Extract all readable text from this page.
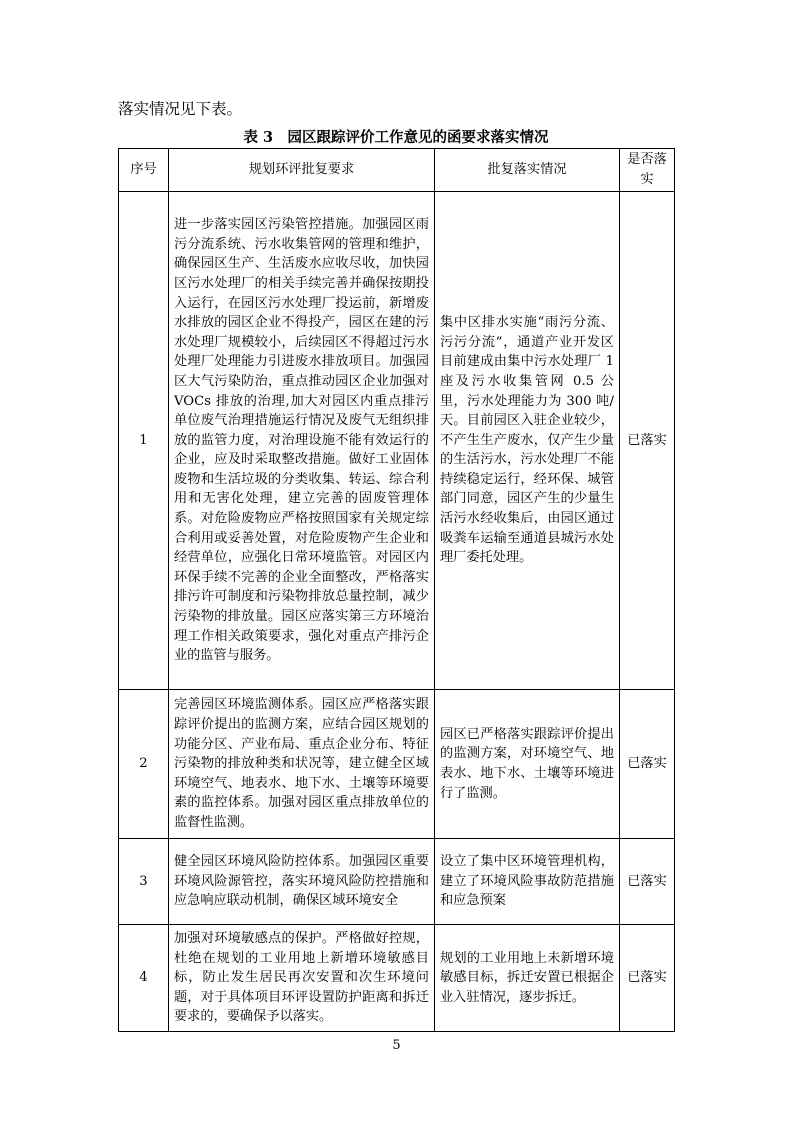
落实情况见下表。
表 3　园区跟踪评价工作意见的函要求落实情况
序号	规划环评批复要求	批复落实情况	是否落实
1	进一步落实园区污染管控措施。加强园区雨污分流系统、污水收集管网的管理和维护，确保园区生产、生活废水应收尽收，加快园区污水处理厂的相关手续完善并确保按期投入运行，在园区污水处理厂投运前，新增废水排放的园区企业不得投产，园区在建的污水处理厂规模较小，后续园区不得超过污水处理厂处理能力引进废水排放项目。加强园区大气污染防治，重点推动园区企业加强对 VOCs 排放的治理,加大对园区内重点排污单位废气治理措施运行情况及废气无组织排放的监管力度，对治理设施不能有效运行的企业，应及时采取整改措施。做好工业固体废物和生活垃圾的分类收集、转运、综合利用和无害化处理，建立完善的固废管理体系。对危险废物应严格按照国家有关规定综合利用或妥善处置，对危险废物产生企业和经营单位，应强化日常环境监管。对园区内环保手续不完善的企业全面整改，严格落实排污许可制度和污染物排放总量控制，减少污染物的排放量。园区应落实第三方环境治理工作相关政策要求，强化对重点产排污企业的监管与服务。	集中区排水实施“雨污分流、污污分流”，通道产业开发区目前建成由集中污水处理厂 1 座及污水收集管网 0.5 公里，污水处理能力为 300 吨/天。目前园区入驻企业较少，不产生生产废水，仅产生少量的生活污水，污水处理厂不能持续稳定运行，经环保、城管部门同意，园区产生的少量生活污水经收集后，由园区通过吸粪车运输至通道县城污水处理厂委托处理。	已落实
2	完善园区环境监测体系。园区应严格落实跟踪评价提出的监测方案，应结合园区规划的功能分区、产业布局、重点企业分布、特征污染物的排放种类和状况等，建立健全区域环境空气、地表水、地下水、土壤等环境要素的监控体系。加强对园区重点排放单位的监督性监测。	园区已严格落实跟踪评价提出的监测方案，对环境空气、地表水、地下水、土壤等环境进行了监测。	已落实
3	健全园区环境风险防控体系。加强园区重要环境风险源管控，落实环境风险防控措施和应急响应联动机制，确保区域环境安全	设立了集中区环境管理机构，建立了环境风险事故防范措施和应急预案	已落实
4	加强对环境敏感点的保护。严格做好控规，杜绝在规划的工业用地上新增环境敏感目标，防止发生居民再次安置和次生环境问题，对于具体项目环评设置防护距离和拆迁要求的，要确保予以落实。	规划的工业用地上未新增环境敏感目标，拆迁安置已根据企业入驻情况，逐步拆迁。	已落实
5
